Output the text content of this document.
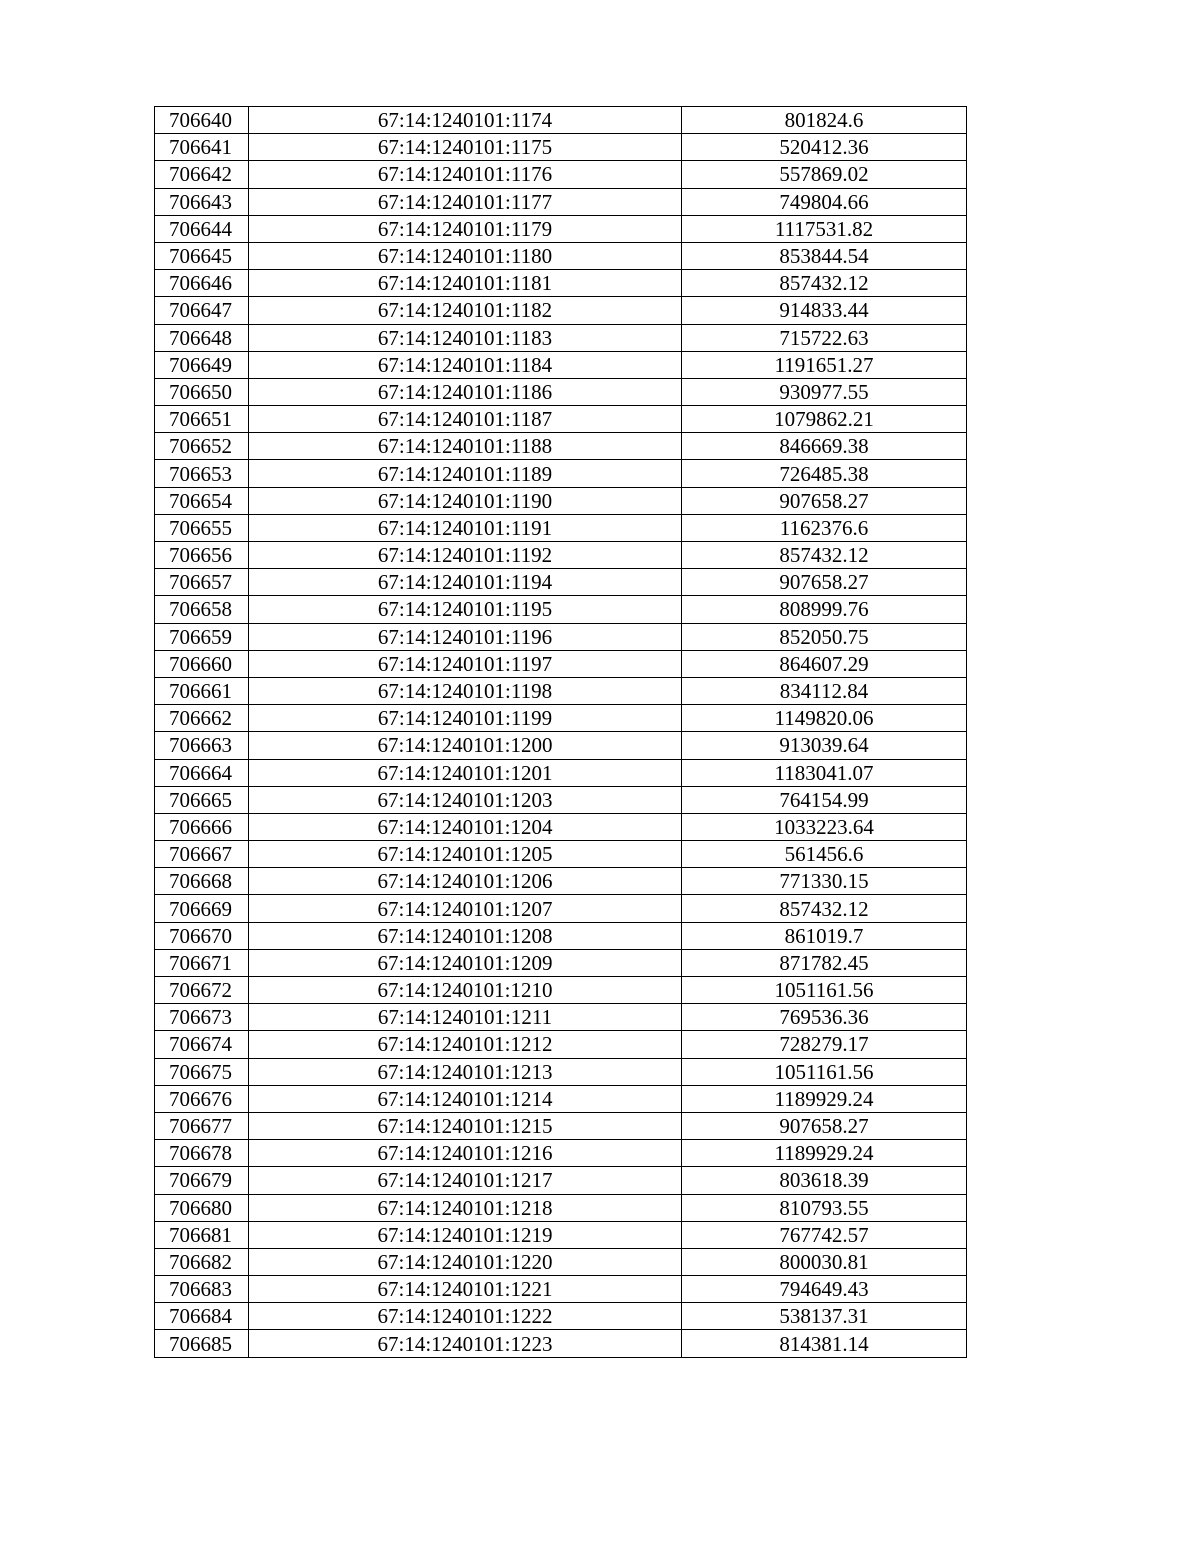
706640	67:14:1240101:1174	801824.6
706641	67:14:1240101:1175	520412.36
706642	67:14:1240101:1176	557869.02
706643	67:14:1240101:1177	749804.66
706644	67:14:1240101:1179	1117531.82
706645	67:14:1240101:1180	853844.54
706646	67:14:1240101:1181	857432.12
706647	67:14:1240101:1182	914833.44
706648	67:14:1240101:1183	715722.63
706649	67:14:1240101:1184	1191651.27
706650	67:14:1240101:1186	930977.55
706651	67:14:1240101:1187	1079862.21
706652	67:14:1240101:1188	846669.38
706653	67:14:1240101:1189	726485.38
706654	67:14:1240101:1190	907658.27
706655	67:14:1240101:1191	1162376.6
706656	67:14:1240101:1192	857432.12
706657	67:14:1240101:1194	907658.27
706658	67:14:1240101:1195	808999.76
706659	67:14:1240101:1196	852050.75
706660	67:14:1240101:1197	864607.29
706661	67:14:1240101:1198	834112.84
706662	67:14:1240101:1199	1149820.06
706663	67:14:1240101:1200	913039.64
706664	67:14:1240101:1201	1183041.07
706665	67:14:1240101:1203	764154.99
706666	67:14:1240101:1204	1033223.64
706667	67:14:1240101:1205	561456.6
706668	67:14:1240101:1206	771330.15
706669	67:14:1240101:1207	857432.12
706670	67:14:1240101:1208	861019.7
706671	67:14:1240101:1209	871782.45
706672	67:14:1240101:1210	1051161.56
706673	67:14:1240101:1211	769536.36
706674	67:14:1240101:1212	728279.17
706675	67:14:1240101:1213	1051161.56
706676	67:14:1240101:1214	1189929.24
706677	67:14:1240101:1215	907658.27
706678	67:14:1240101:1216	1189929.24
706679	67:14:1240101:1217	803618.39
706680	67:14:1240101:1218	810793.55
706681	67:14:1240101:1219	767742.57
706682	67:14:1240101:1220	800030.81
706683	67:14:1240101:1221	794649.43
706684	67:14:1240101:1222	538137.31
706685	67:14:1240101:1223	814381.14
